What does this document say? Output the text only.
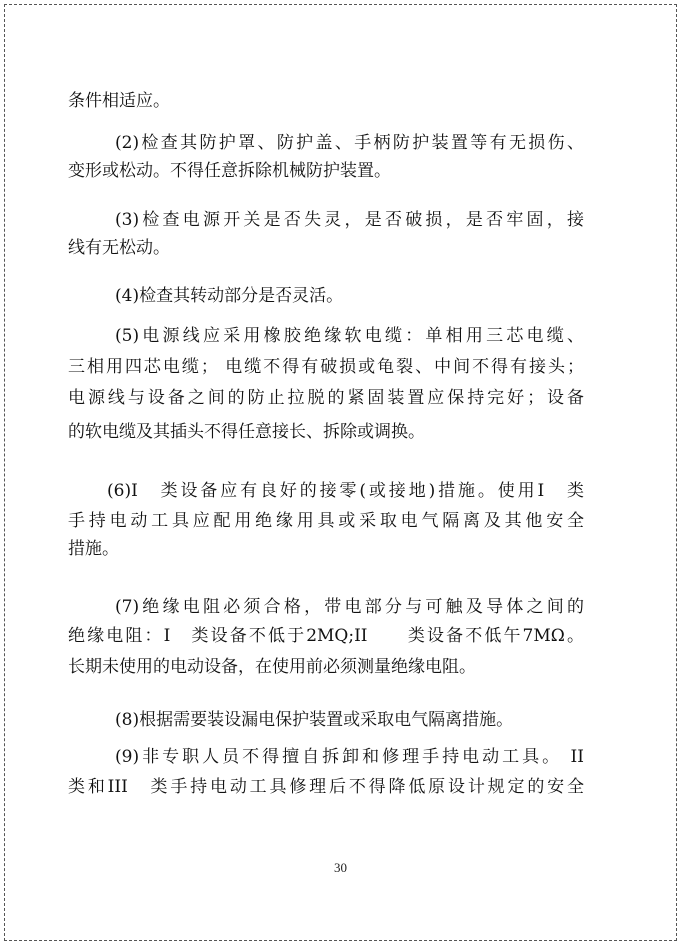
条件相适应。
(2)检查其防护罩、防护盖、手柄防护装置等有无损伤、
变形或松动。不得任意拆除机械防护装置。
(3)检查电源开关是否失灵，是否破损，是否牢固，接
线有无松动。
(4)检查其转动部分是否灵活。
(5)电源线应采用橡胶绝缘软电缆：单相用三芯电缆、
三相用四芯电缆； 电缆不得有破损或龟裂、中间不得有接头；
电源线与设备之间的防止拉脱的紧固装置应保持完好；设备
的软电缆及其插头不得任意接长、拆除或调换。
(6)I　类设备应有良好的接零(或接地)措施。使用I　类
手持电动工具应配用绝缘用具或采取电气隔离及其他安全
措施。
(7)绝缘电阻必须合格，带电部分与可触及导体之间的
绝缘电阻：I　类设备不低于2MQ;II　　类设备不低午7MΩ。
长期未使用的电动设备，在使用前必须测量绝缘电阻。
(8)根据需要装设漏电保护装置或采取电气隔离措施。
(9)非专职人员不得擅自拆卸和修理手持电动工具。 II
类和III　类手持电动工具修理后不得降低原设计规定的安全
30
